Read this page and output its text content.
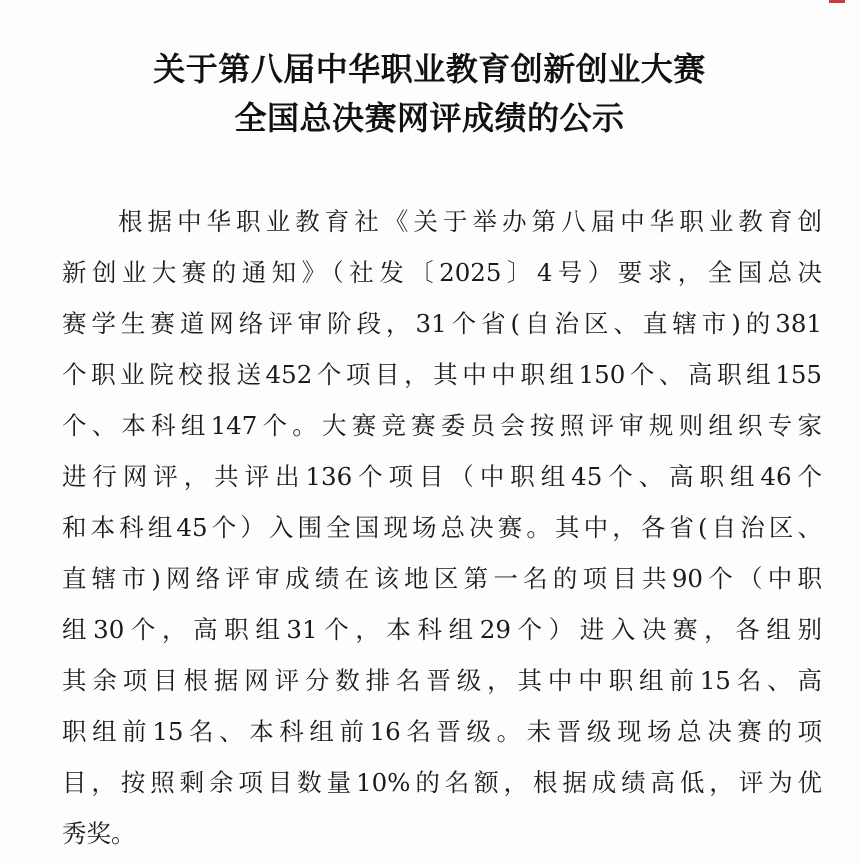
关于第八届中华职业教育创新创业大赛
全国总决赛网评成绩的公示
根据中华职业教育社《关于举办第八届中华职业教育创
新创业大赛的通知》（社发〔2025〕4号）要求，全国总决
赛学生赛道网络评审阶段，31个省(自治区、直辖市)的381
个职业院校报送452个项目，其中中职组150个、高职组155
个、本科组147个。大赛竞赛委员会按照评审规则组织专家
进行网评，共评出136个项目（中职组45个、高职组46个
和本科组45个）入围全国现场总决赛。其中，各省(自治区、
直辖市)网络评审成绩在该地区第一名的项目共90个（中职
组30个，高职组31个，本科组29个）进入决赛，各组别
其余项目根据网评分数排名晋级，其中中职组前15名、高
职组前15名、本科组前16名晋级。未晋级现场总决赛的项
目，按照剩余项目数量10%的名额，根据成绩高低，评为优
秀奖。
